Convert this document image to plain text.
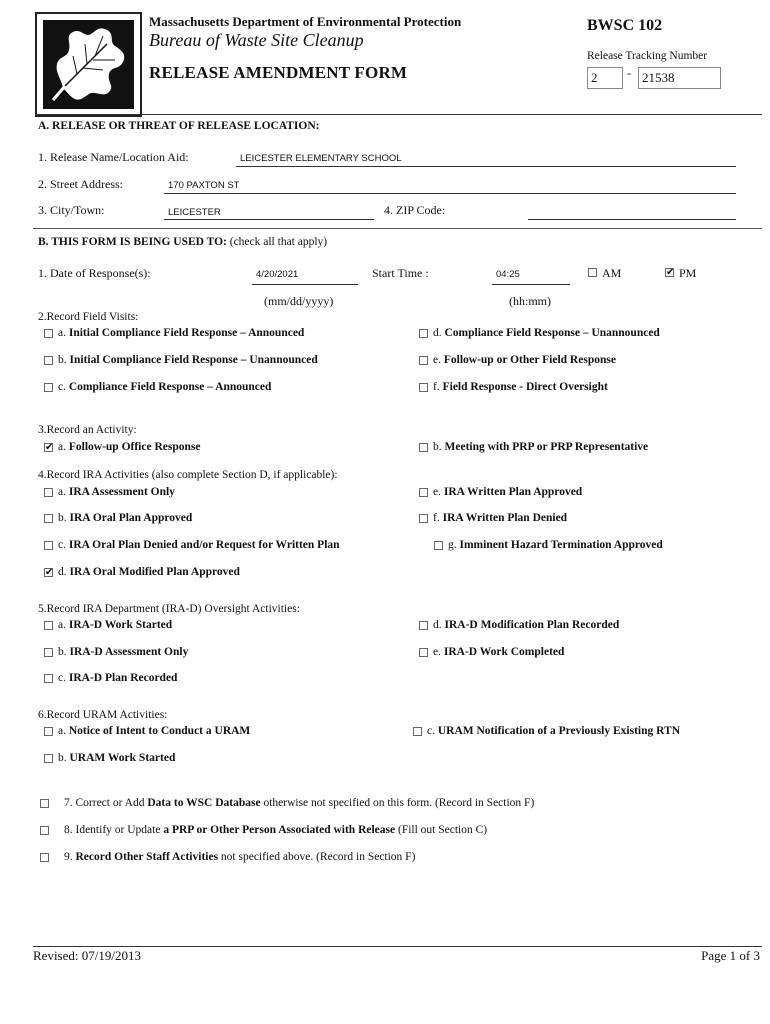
Massachusetts Department of Environmental Protection
Bureau of Waste Site Cleanup
RELEASE AMENDMENT FORM
BWSC 102
Release Tracking Number
2	- 21538
A. RELEASE OR THREAT OF RELEASE LOCATION:
1. Release Name/Location Aid:	LEICESTER ELEMENTARY SCHOOL
2. Street Address:	170 PAXTON ST
3. City/Town:	LEICESTER	4. ZIP Code:
B. THIS FORM IS BEING USED TO: (check all that apply)
1. Date of Response(s):	4/20/2021
(mm/dd/yyyy)
Start Time :	04:25
(hh:mm)
AM	✔ PM
2.Record Field Visits:
a. Initial Compliance Field Response – Announced	d. Compliance Field Response – Unannounced
b. Initial Compliance Field Response – Unannounced	e. Follow-up or Other Field Response
c. Compliance Field Response – Announced	f. Field Response - Direct Oversight
3.Record an Activity:
✔ a. Follow-up Office Response	b. Meeting with PRP or PRP Representative
4.Record IRA Activities (also complete Section D, if applicable):
a. IRA Assessment Only	e. IRA Written Plan Approved
b. IRA Oral Plan Approved	f. IRA Written Plan Denied
c. IRA Oral Plan Denied and/or Request for Written Plan	g. Imminent Hazard Termination Approved
✔ d. IRA Oral Modified Plan Approved
5.Record IRA Department (IRA-D) Oversight Activities:
a. IRA-D Work Started	d. IRA-D Modification Plan Recorded
b. IRA-D Assessment Only	e. IRA-D Work Completed
c. IRA-D Plan Recorded
6.Record URAM Activities:
a. Notice of Intent to Conduct a URAM	c. URAM Notification of a Previously Existing RTN
b. URAM Work Started
7. Correct or Add Data to WSC Database otherwise not specified on this form. (Record in Section F)
8. Identify or Update a PRP or Other Person Associated with Release (Fill out Section C)
9. Record Other Staff Activities not specified above. (Record in Section F)
Revised: 07/19/2013	Page 1 of 3
